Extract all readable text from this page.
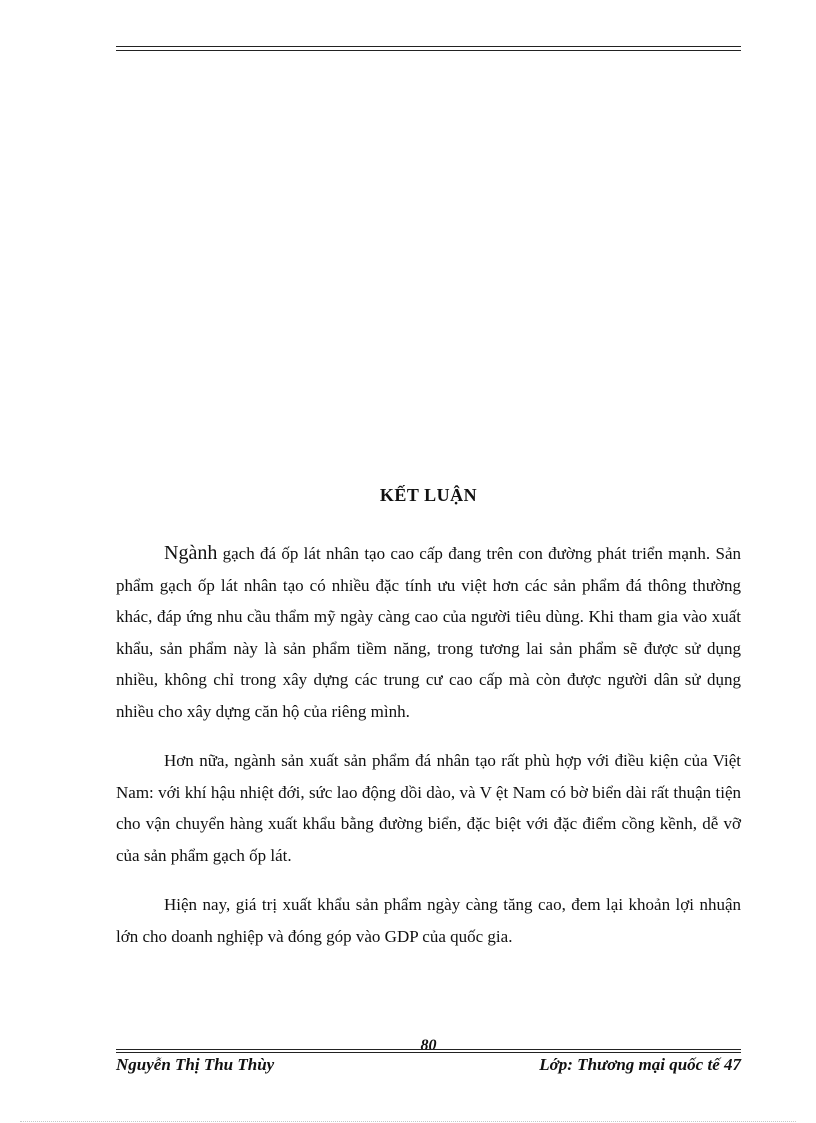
KẾT LUẬN

Ngành gạch đá ốp lát nhân tạo cao cấp đang trên con đường phát triển mạnh. Sản phẩm gạch ốp lát nhân tạo có nhiều đặc tính ưu việt hơn các sản phẩm đá thông thường khác, đáp ứng nhu cầu thẩm mỹ ngày càng cao của người tiêu dùng. Khi tham gia vào xuất khẩu, sản phẩm này là sản phẩm tiềm năng, trong tương lai sản phẩm sẽ được sử dụng nhiều, không chỉ trong xây dựng các trung cư cao cấp mà còn được người dân sử dụng nhiều cho xây dựng căn hộ của riêng mình.

Hơn nữa, ngành sản xuất sản phẩm đá nhân tạo rất phù hợp với điều kiện của Việt Nam: với khí hậu nhiệt đới, sức lao động dồi dào, và V ệt Nam có bờ biển dài rất thuận tiện cho vận chuyển hàng xuất khẩu bằng đường biển, đặc biệt với đặc điểm cồng kềnh, dễ vỡ của sản phẩm gạch ốp lát.

Hiện nay, giá trị xuất khẩu sản phẩm ngày càng tăng cao, đem lại khoản lợi nhuận lớn cho doanh nghiệp và đóng góp vào GDP của quốc gia.

80
Nguyễn Thị Thu Thùy	Lớp: Thương mại quốc tế 47
